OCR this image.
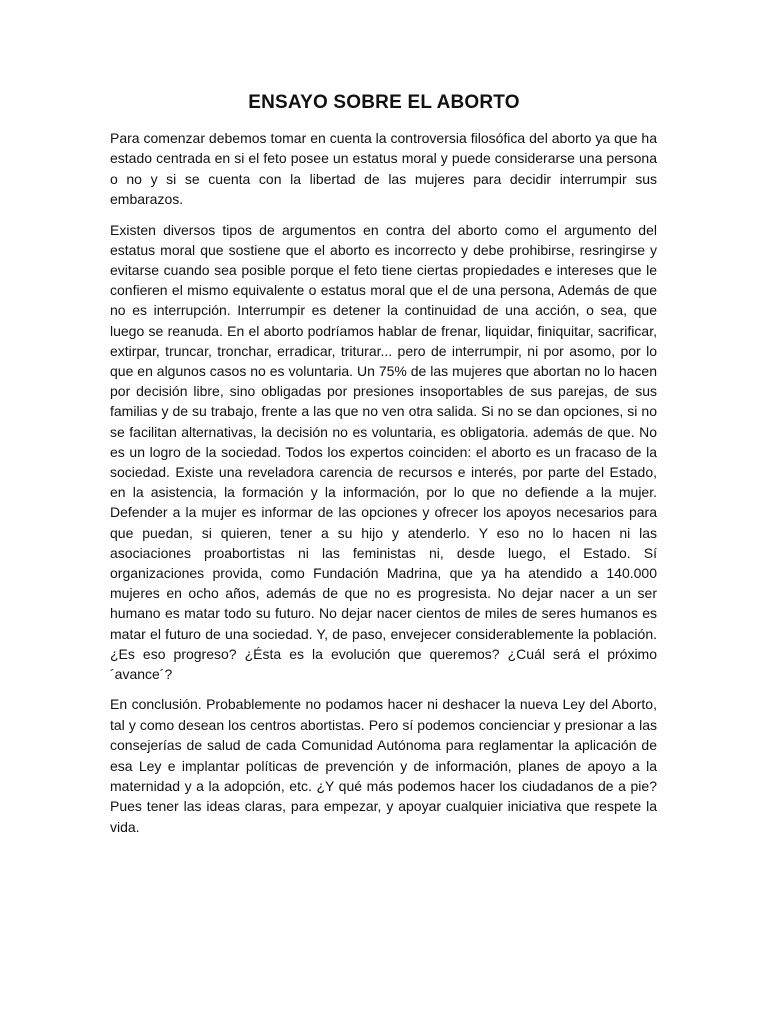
ENSAYO SOBRE EL ABORTO

Para comenzar debemos tomar en cuenta la controversia filosófica del aborto ya que ha estado centrada en si el feto posee un estatus moral y puede considerarse una persona o no y si se cuenta con la libertad de las mujeres para decidir interrumpir sus embarazos.

Existen diversos tipos de argumentos en contra del aborto como el argumento del estatus moral que sostiene que el aborto es incorrecto y debe prohibirse, resringirse y evitarse cuando sea posible porque el feto tiene ciertas propiedades e intereses que le confieren el mismo equivalente o estatus moral que el de una persona, Además de que no es interrupción. Interrumpir es detener la continuidad de una acción, o sea, que luego se reanuda. En el aborto podríamos hablar de frenar, liquidar, finiquitar, sacrificar, extirpar, truncar, tronchar, erradicar, triturar... pero de interrumpir, ni por asomo, por lo que en algunos casos no es voluntaria. Un 75% de las mujeres que abortan no lo hacen por decisión libre, sino obligadas por presiones insoportables de sus parejas, de sus familias y de su trabajo, frente a las que no ven otra salida. Si no se dan opciones, si no se facilitan alternativas, la decisión no es voluntaria, es obligatoria. además de que. No es un logro de la sociedad. Todos los expertos coinciden: el aborto es un fracaso de la sociedad. Existe una reveladora carencia de recursos e interés, por parte del Estado, en la asistencia, la formación y la información, por lo que no defiende a la mujer. Defender a la mujer es informar de las opciones y ofrecer los apoyos necesarios para que puedan, si quieren, tener a su hijo y atenderlo. Y eso no lo hacen ni las asociaciones proabortistas ni las feministas ni, desde luego, el Estado. Sí organizaciones provida, como Fundación Madrina, que ya ha atendido a 140.000 mujeres en ocho años, además de que no es progresista. No dejar nacer a un ser humano es matar todo su futuro. No dejar nacer cientos de miles de seres humanos es matar el futuro de una sociedad. Y, de paso, envejecer considerablemente la población. ¿Es eso progreso? ¿Ésta es la evolución que queremos? ¿Cuál será el próximo ´avance´?

En conclusión. Probablemente no podamos hacer ni deshacer la nueva Ley del Aborto, tal y como desean los centros abortistas. Pero sí podemos concienciar y presionar a las consejerías de salud de cada Comunidad Autónoma para reglamentar la aplicación de esa Ley e implantar políticas de prevención y de información, planes de apoyo a la maternidad y a la adopción, etc. ¿Y qué más podemos hacer los ciudadanos de a pie? Pues tener las ideas claras, para empezar, y apoyar cualquier iniciativa que respete la vida.
